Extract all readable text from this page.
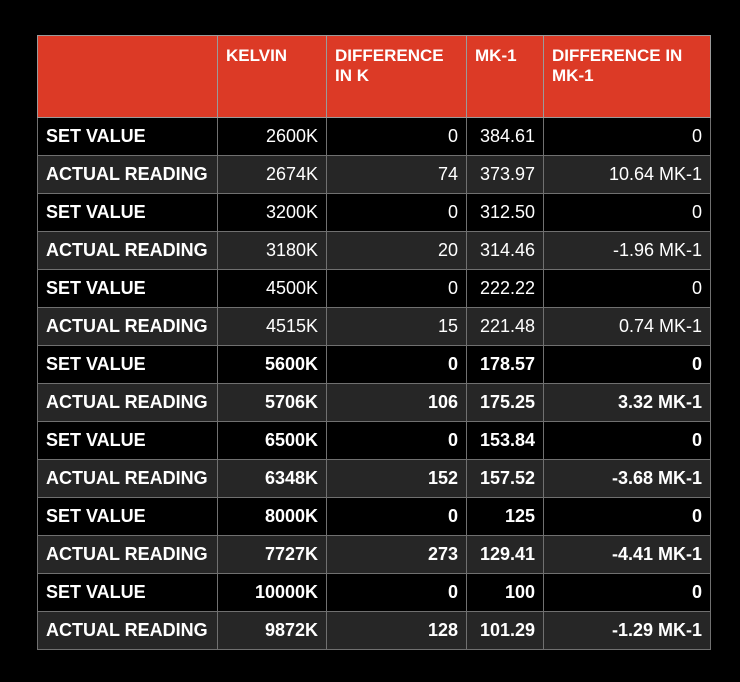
	KELVIN	DIFFERENCE IN K	MK-1	DIFFERENCE IN MK-1
SET VALUE	2600K	0	384.61	0
ACTUAL READING	2674K	74	373.97	10.64 MK-1
SET VALUE	3200K	0	312.50	0
ACTUAL READING	3180K	20	314.46	-1.96 MK-1
SET VALUE	4500K	0	222.22	0
ACTUAL READING	4515K	15	221.48	0.74 MK-1
SET VALUE	5600K	0	178.57	0
ACTUAL READING	5706K	106	175.25	3.32 MK-1
SET VALUE	6500K	0	153.84	0
ACTUAL READING	6348K	152	157.52	-3.68 MK-1
SET VALUE	8000K	0	125	0
ACTUAL READING	7727K	273	129.41	-4.41 MK-1
SET VALUE	10000K	0	100	0
ACTUAL READING	9872K	128	101.29	-1.29 MK-1
